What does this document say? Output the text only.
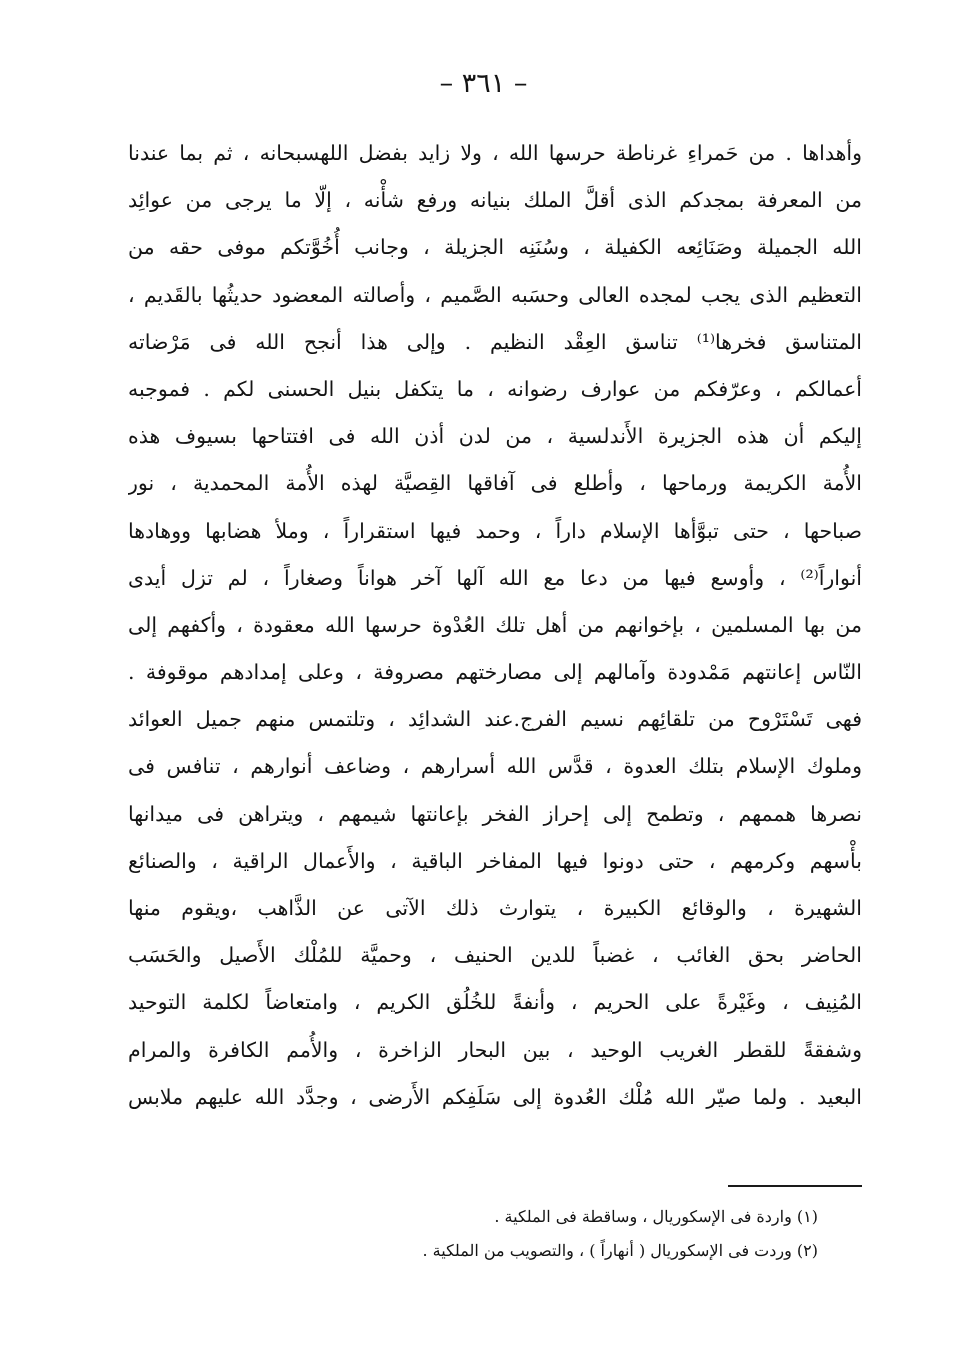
– ٣٦١ –
وأهداها . من حَمراءِ غرناطة حرسها الله ، ولا زايد بفضل اللهسبحانه ، ثم بما عندنا
من المعرفة بمجدكم الذى أقلَّ الملك بنيانه ورفع شأْنه ، إلّا ما يرجى من عوائِد
الله الجميلة وصَنَائِعه الكفيلة ، وسُنَنِه الجزيلة ، وجانب أُخُوَّتكم موفى حقه من
التعظيم الذى يجب لمجده العالى وحسَبه الصَّميم ، وأصالته المعضود حديثُها بالقَديم ،
المتناسق فخرها⁽¹⁾ تناسق العِقْد النظيم . وإلى هذا أنجح الله فى مَرْضاته
أعمالكم ، وعرّفكم من عوارف رضوانه ، ما يتكفل بنيل الحسنى لكم . فموجبه
إليكم أن هذه الجزيرة الأَندلسية ، من لدن أذن الله فى افتتاحها بسيوف هذه
الأُمة الكريمة ورماحها ، وأطلع فى آفاقها القِصيَّة لهذه الأُمة المحمدية ، نور
صباحها ، حتى تبوَّأها الإسلام داراً ، وحمد فيها استقراراً ، وملأ هضابها ووهادها
أنواراً⁽²⁾ ، وأوسع فيها من دعا مع الله آلها آخر هواناً وصغاراً ، لم تزل أيدى
من بها المسلمين ، بإخوانهم من أهل تلك العُدْوة حرسها الله معقودة ، وأكفهم إلى
النّاس إعانتهم مَمْدودة وآمالهم إلى مصارختهم مصروفة ، وعلى إمدادهم موقوفة .
فهى تَسْتَرْوح من تلقائِهم نسيم الفرج.عند الشدائِد ، وتلتمس منهم جميل العوائد
وملوك الإسلام بتلك العدوة ، قدَّس الله أسرارهم ، وضاعف أنوارهم ، تنافس فى
نصرها هممهم ، وتطمح إلى إحراز الفخر بإعانتها شيمهم ، ويتراهن فى ميدانها
بأْسهم وكرمهم ، حتى دونوا فيها المفاخر الباقية ، والأَعمال الراقية ، والصنائع
الشهيرة ، والوقائع الكبيرة ، يتوارث ذلك الآتى عن الذَّاهب ،ويقوم منها
الحاضر بحق الغائب ، غضباً للدين الحنيف ، وحميَّة للمُلْك الأَصيل والحَسَب
المُنِيف ، وغَيْرةً على الحريم ، وأنفةً للخُلُق الكريم ، وامتعاضاً لكلمة التوحيد
وشفقةً للقطر الغريب الوحيد ، بين البحار الزاخرة ، والأُمم الكافرة والمرام
البعيد . ولما صيّر الله مُلْك العُدوة إلى سَلَفِكم الأَرضى ، وجدَّد الله عليهم ملابس
(١) واردة فى الإسكوريال ، وساقطة فى الملكية .
(٢) وردت فى الإسكوريال ( أنهاراً ) ، والتصويب من الملكية .
